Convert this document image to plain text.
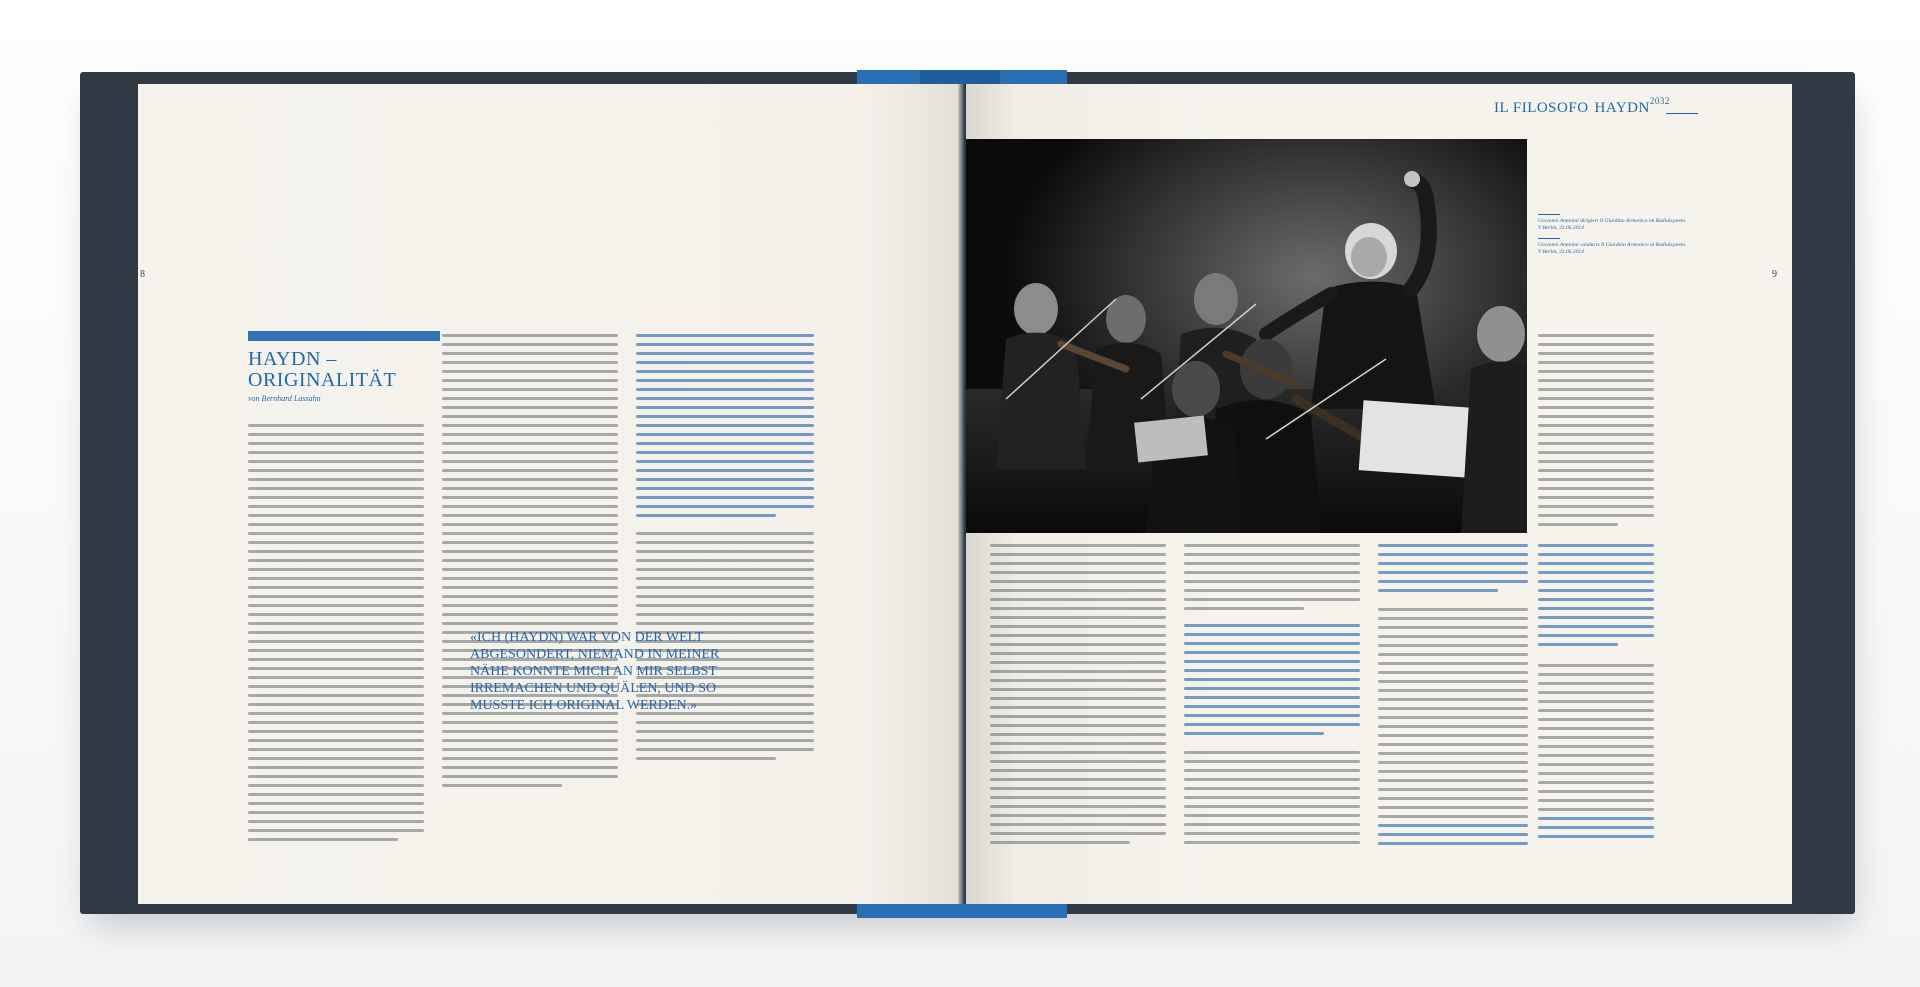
8
HAYDN –
ORIGINALITÄT
von Bernhard Lassahn
«ICH (HAYDN) WAR VON DER WELT ABGESONDERT, NIEMAND IN MEINER NÄHE KONNTE MICH AN MIR SELBST IRREMACHEN UND QUÄLEN, UND SO MUSSTE ICH ORIGINAL WERDEN.»
IL FILOSOFO $HAYDN^{2032}$
9
Giovanni Antonini dirigiert Il Giardino Armonico im Radialsystem V Berlin, 21.06.2014
Giovanni Antonini conducts Il Giardino Armonico at Radialsystem V Berlin, 21.06.2014
